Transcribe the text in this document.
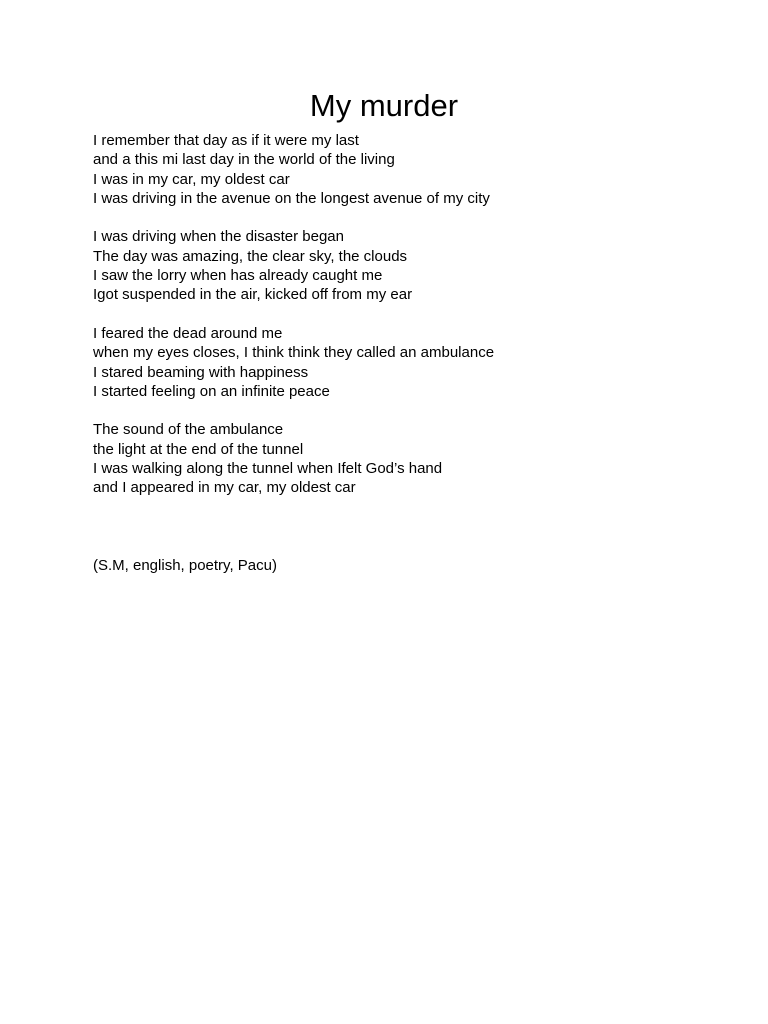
My murder
I remember that day as if it were my last
and a this mi last day in the world of the living
I was in my car, my oldest car
I was driving in the avenue on the longest avenue of my city
I was driving when the disaster began
The day was amazing, the clear sky, the clouds
I saw the lorry when has already caught me
Igot suspended in the air, kicked off from my ear
I feared the dead around me
when my eyes closes, I think think they called an ambulance
I stared beaming with happiness
I started feeling on an infinite peace
The sound of the ambulance
the light at the end of the tunnel
I was walking along the tunnel when Ifelt God’s hand
and I appeared in my car, my oldest car
(S.M, english, poetry, Pacu)
